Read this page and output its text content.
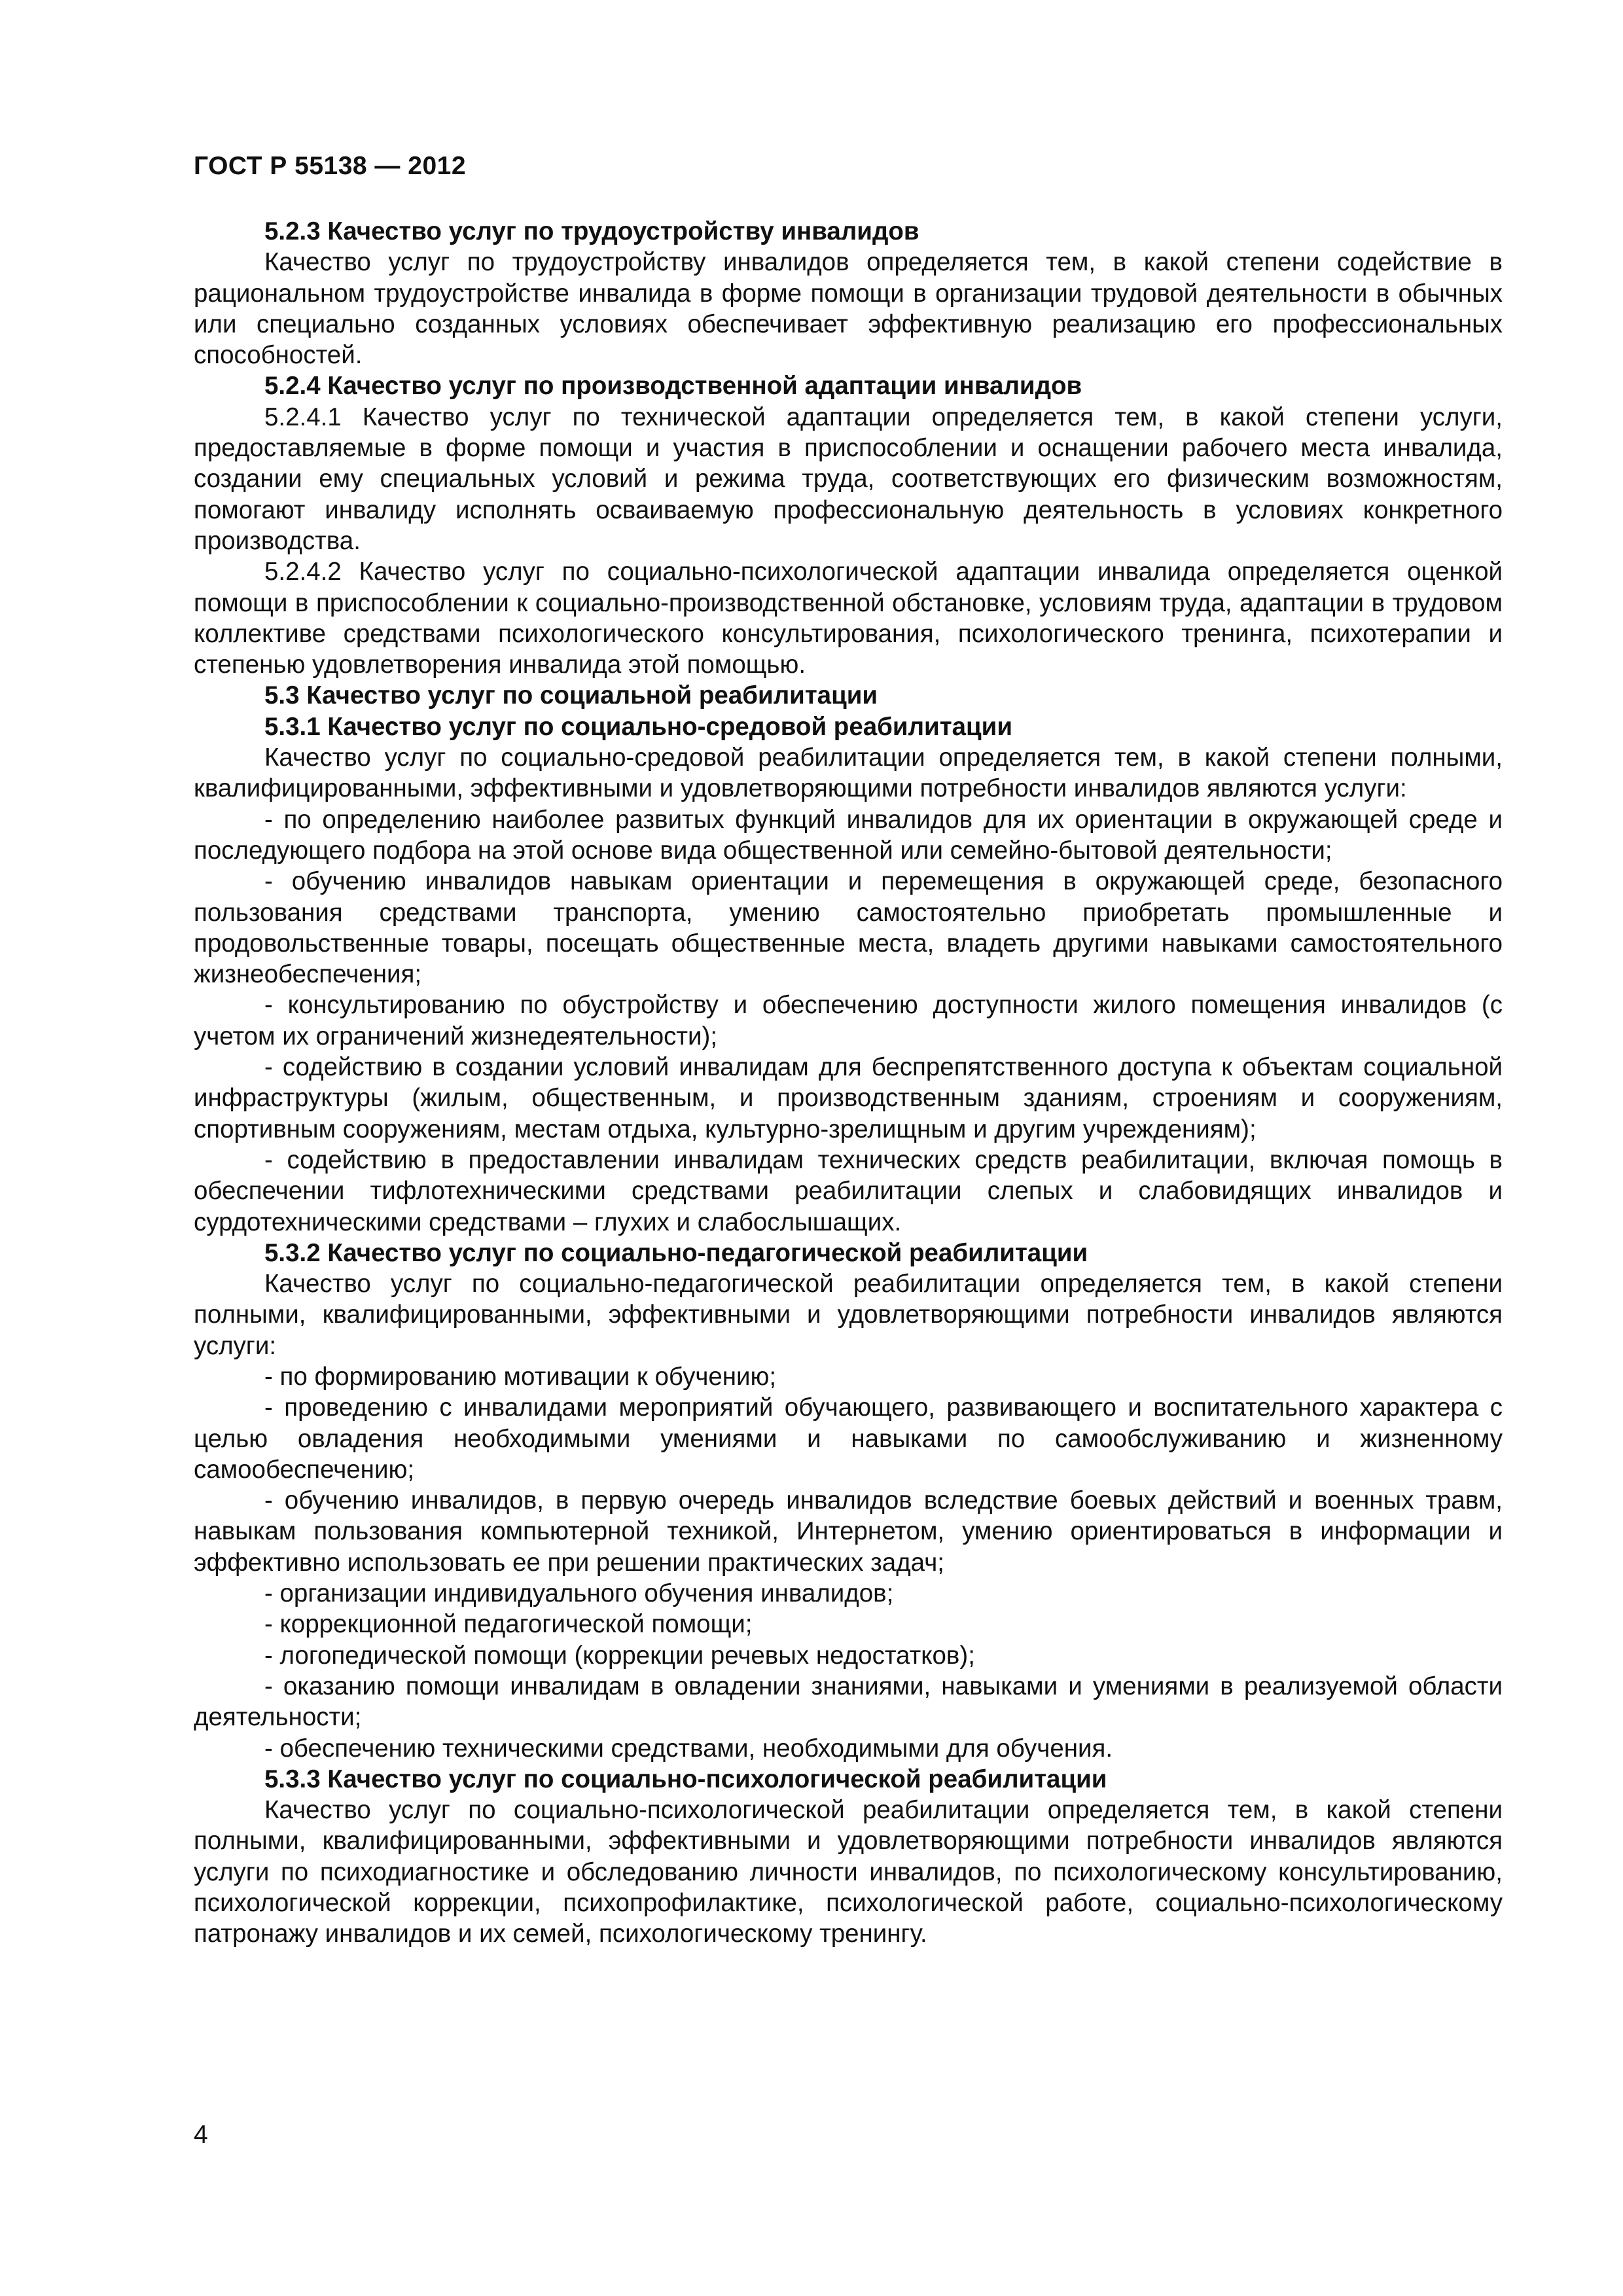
ГОСТ Р 55138 — 2012

5.2.3 Качество услуг по трудоустройству инвалидов

Качество услуг по трудоустройству инвалидов определяется тем, в какой степени содействие в рациональном трудоустройстве инвалида в форме помощи в организации трудовой деятельности в обычных или специально созданных условиях обеспечивает эффективную реализацию его профессиональных способностей.

5.2.4 Качество услуг по производственной адаптации инвалидов

5.2.4.1 Качество услуг по технической адаптации определяется тем, в какой степени услуги, предоставляемые в форме помощи и участия в приспособлении и оснащении рабочего места инвалида, создании ему специальных условий и режима труда, соответствующих его физическим возможностям, помогают инвалиду исполнять осваиваемую профессиональную деятельность в условиях конкретного производства.

5.2.4.2 Качество услуг по социально-психологической адаптации инвалида определяется оценкой помощи в приспособлении к социально-производственной обстановке, условиям труда, адаптации в трудовом коллективе средствами психологического консультирования, психологического тренинга, психотерапии и степенью удовлетворения инвалида этой помощью.

5.3 Качество услуг по социальной реабилитации

5.3.1 Качество услуг по социально-средовой реабилитации

Качество услуг по социально-средовой реабилитации определяется тем, в какой степени полными, квалифицированными, эффективными и удовлетворяющими потребности инвалидов являются услуги:

- по определению наиболее развитых функций инвалидов для их ориентации в окружающей среде и последующего подбора на этой основе вида общественной или семейно-бытовой деятельности;

- обучению инвалидов навыкам ориентации и перемещения в окружающей среде, безопасного пользования средствами транспорта, умению самостоятельно приобретать промышленные и продовольственные товары, посещать общественные места, владеть другими навыками самостоятельного жизнеобеспечения;

- консультированию по обустройству и обеспечению доступности жилого помещения инвалидов (с учетом их ограничений жизнедеятельности);

- содействию в создании условий инвалидам для беспрепятственного доступа к объектам социальной инфраструктуры (жилым, общественным, и производственным зданиям, строениям и сооружениям, спортивным сооружениям, местам отдыха, культурно-зрелищным и другим учреждениям);

- содействию в предоставлении инвалидам технических средств реабилитации, включая помощь в обеспечении тифлотехническими средствами реабилитации слепых и слабовидящих инвалидов и сурдотехническими средствами – глухих и слабослышащих.

5.3.2 Качество услуг по социально-педагогической реабилитации

Качество услуг по социально-педагогической реабилитации определяется тем, в какой степени полными, квалифицированными, эффективными и удовлетворяющими потребности инвалидов являются услуги:

- по формированию мотивации к обучению;

- проведению с инвалидами мероприятий обучающего, развивающего и воспитательного характера с целью овладения необходимыми умениями и навыками по самообслуживанию и жизненному самообеспечению;

- обучению инвалидов, в первую очередь инвалидов вследствие боевых действий и военных травм, навыкам пользования компьютерной техникой, Интернетом, умению ориентироваться в информации и эффективно использовать ее при решении практических задач;

- организации индивидуального обучения инвалидов;

- коррекционной педагогической помощи;

- логопедической помощи (коррекции речевых недостатков);

- оказанию помощи инвалидам в овладении знаниями, навыками и умениями в реализуемой области деятельности;

- обеспечению техническими средствами, необходимыми для обучения.

5.3.3 Качество услуг по социально-психологической реабилитации

Качество услуг по социально-психологической реабилитации определяется тем, в какой степени полными, квалифицированными, эффективными и удовлетворяющими потребности инвалидов являются услуги по психодиагностике и обследованию личности инвалидов, по психологическому консультированию, психологической коррекции, психопрофилактике, психологической работе, социально-психологическому патронажу инвалидов и их семей, психологическому тренингу.

4
